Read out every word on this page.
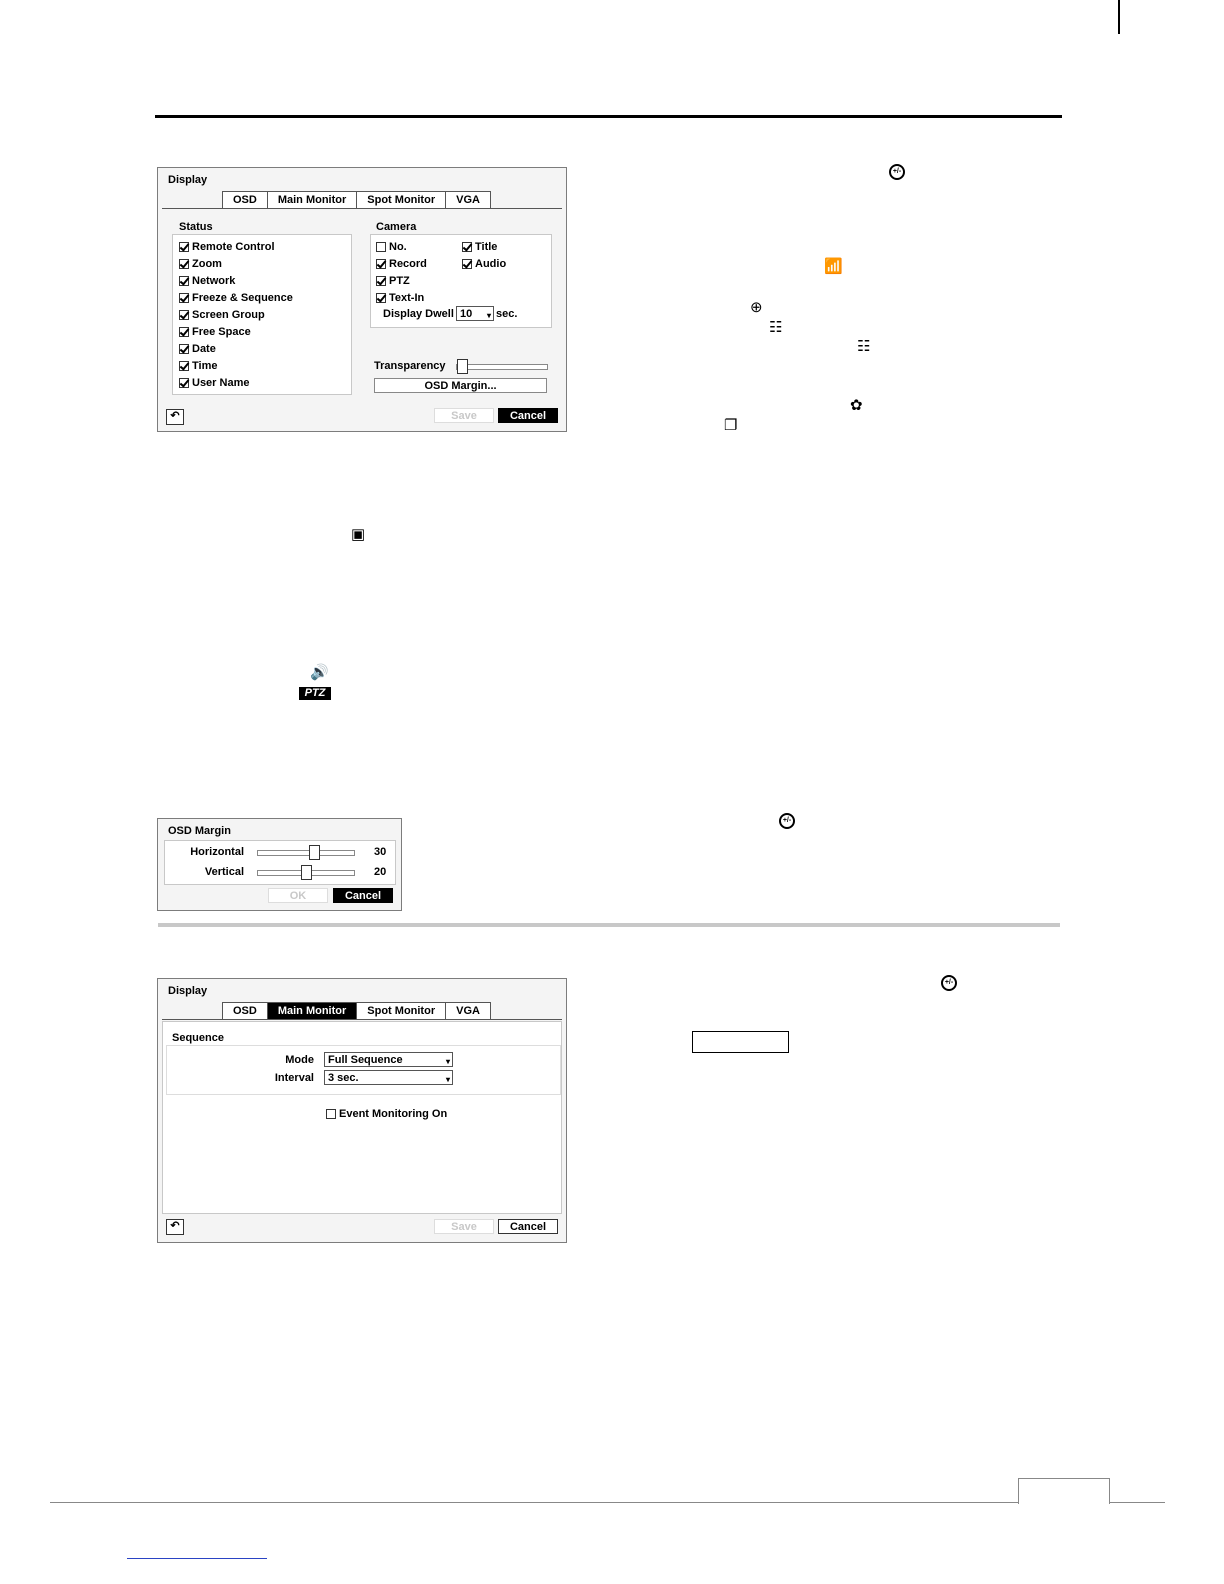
Display
OSD	Main Monitor	Spot Monitor	VGA
Status	Camera
No.	Title
Record	Audio
PTZ
Text-In
Display Dwell 10 ▾	sec.
Transparency
OSD Margin...
↶	Save	Cancel
Remote Control
Zoom
Network
Freeze & Sequence
Screen Group
Free Space
Date
Time
User Name
+/-
📶
⊕
☷
☷
✿
❐
▣
🔊
PTZ
OSD Margin
Horizontal	30
Vertical	20
OK	Cancel
+/-
Display
OSD	Main Monitor	Spot Monitor	VGA
Sequence
Mode	Full Sequence ▾
Interval	3 sec. ▾
Event Monitoring On
↶	Save	Cancel
+/-
